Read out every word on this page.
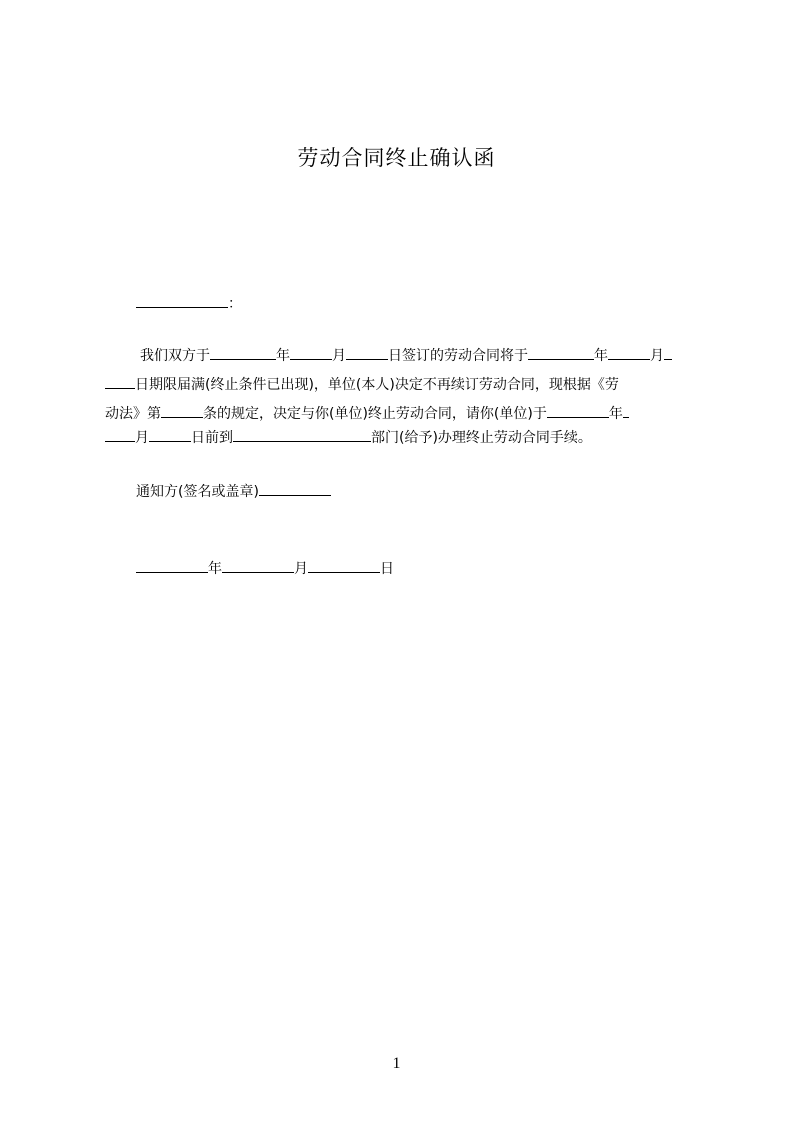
劳动合同终止确认函
：
我们双方于	年	月	日签订的劳动合同将于	年	月
日期限届满(终止条件已出现)，单位(本人)决定不再续订劳动合同，现根据《劳
动法》第	条的规定，决定与你(单位)终止劳动合同，请你(单位)于	年
月	日前到	部门(给予)办理终止劳动合同手续。
通知方(签名或盖章)
年	月	日
1
